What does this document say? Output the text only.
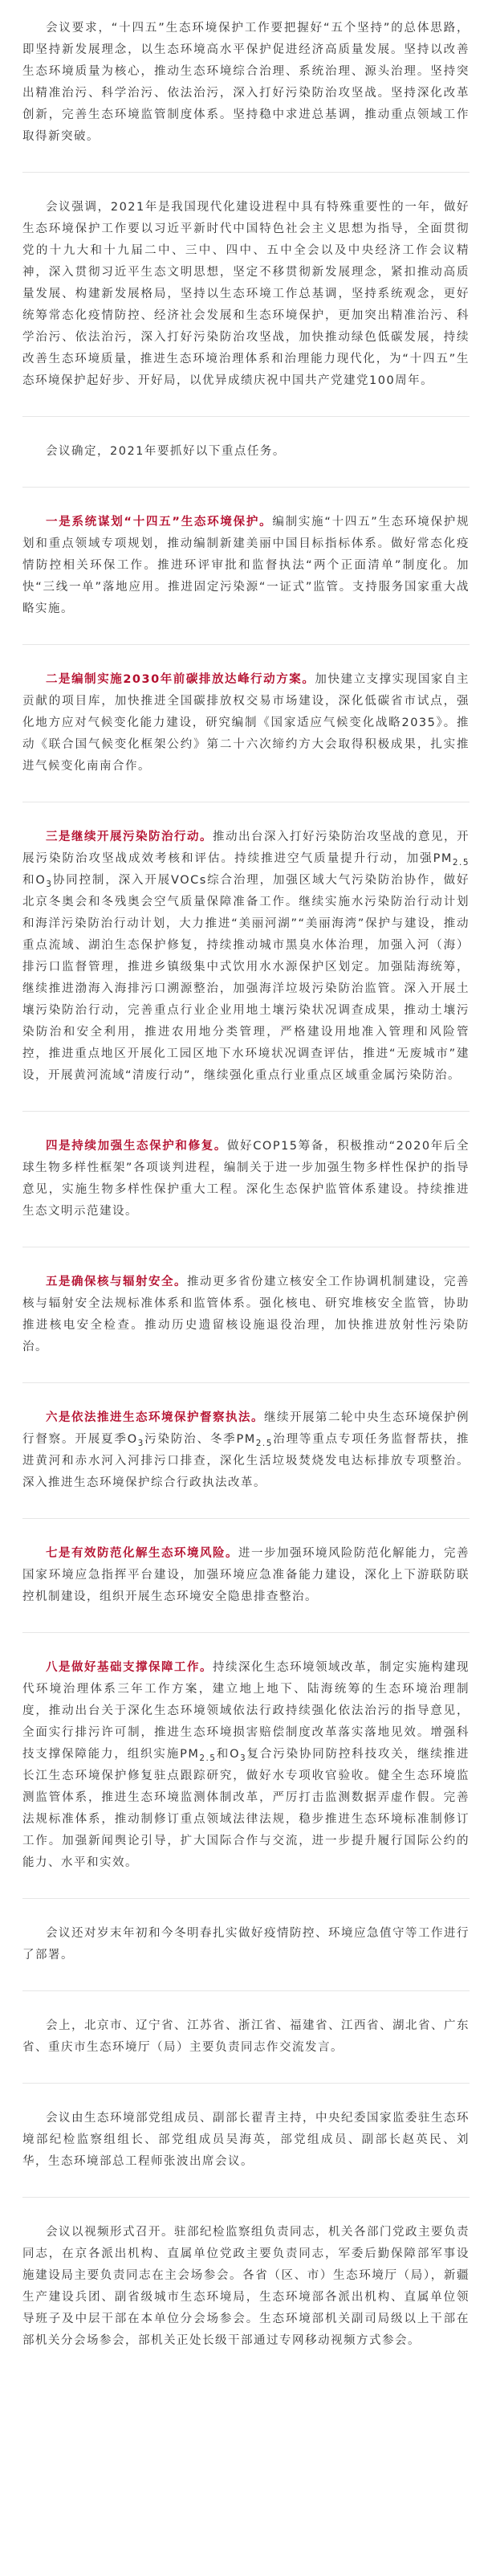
会议要求，“十四五”生态环境保护工作要把握好“五个坚持”的总体思路，即坚持新发展理念，以生态环境高水平保护促进经济高质量发展。坚持以改善生态环境质量为核心，推动生态环境综合治理、系统治理、源头治理。坚持突出精准治污、科学治污、依法治污，深入打好污染防治攻坚战。坚持深化改革创新，完善生态环境监管制度体系。坚持稳中求进总基调，推动重点领域工作取得新突破。

会议强调，2021年是我国现代化建设进程中具有特殊重要性的一年，做好生态环境保护工作要以习近平新时代中国特色社会主义思想为指导，全面贯彻党的十九大和十九届二中、三中、四中、五中全会以及中央经济工作会议精神，深入贯彻习近平生态文明思想，坚定不移贯彻新发展理念，紧扣推动高质量发展、构建新发展格局，坚持以生态环境工作总基调，坚持系统观念，更好统筹常态化疫情防控、经济社会发展和生态环境保护，更加突出精准治污、科学治污、依法治污，深入打好污染防治攻坚战，加快推动绿色低碳发展，持续改善生态环境质量，推进生态环境治理体系和治理能力现代化，为“十四五”生态环境保护起好步、开好局，以优异成绩庆祝中国共产党建党100周年。

会议确定，2021年要抓好以下重点任务。

一是系统谋划“十四五”生态环境保护。编制实施“十四五”生态环境保护规划和重点领域专项规划，推动编制新建美丽中国目标指标体系。做好常态化疫情防控相关环保工作。推进环评审批和监督执法“两个正面清单”制度化。加快“三线一单”落地应用。推进固定污染源“一证式”监管。支持服务国家重大战略实施。

二是编制实施2030年前碳排放达峰行动方案。加快建立支撑实现国家自主贡献的项目库，加快推进全国碳排放权交易市场建设，深化低碳省市试点，强化地方应对气候变化能力建设，研究编制《国家适应气候变化战略2035》。推动《联合国气候变化框架公约》第二十六次缔约方大会取得积极成果，扎实推进气候变化南南合作。

三是继续开展污染防治行动。推动出台深入打好污染防治攻坚战的意见，开展污染防治攻坚战成效考核和评估。持续推进空气质量提升行动，加强$PM_{2.5}$和$O_3$协同控制，深入开展VOCs综合治理，加强区域大气污染防治协作，做好北京冬奥会和冬残奥会空气质量保障准备工作。继续实施水污染防治行动计划和海洋污染防治行动计划，大力推进“美丽河湖”“美丽海湾”保护与建设，推动重点流域、湖泊生态保护修复，持续推动城市黑臭水体治理，加强入河（海）排污口监督管理，推进乡镇级集中式饮用水水源保护区划定。加强陆海统筹，继续推进渤海入海排污口溯源整治，加强海洋垃圾污染防治监管。深入开展土壤污染防治行动，完善重点行业企业用地土壤污染状况调查成果，推动土壤污染防治和安全利用，推进农用地分类管理，严格建设用地准入管理和风险管控，推进重点地区开展化工园区地下水环境状况调查评估，推进“无废城市”建设，开展黄河流域“清废行动”，继续强化重点行业重点区域重金属污染防治。

四是持续加强生态保护和修复。做好COP15筹备，积极推动“2020年后全球生物多样性框架”各项谈判进程，编制关于进一步加强生物多样性保护的指导意见，实施生物多样性保护重大工程。深化生态保护监管体系建设。持续推进生态文明示范建设。

五是确保核与辐射安全。推动更多省份建立核安全工作协调机制建设，完善核与辐射安全法规标准体系和监管体系。强化核电、研究堆核安全监管，协助推进核电安全检查。推动历史遗留核设施退役治理，加快推进放射性污染防治。

六是依法推进生态环境保护督察执法。继续开展第二轮中央生态环境保护例行督察。开展夏季$O_3$污染防治、冬季$PM_{2.5}$治理等重点专项任务监督帮扶，推进黄河和赤水河入河排污口排查，深化生活垃圾焚烧发电达标排放专项整治。深入推进生态环境保护综合行政执法改革。

七是有效防范化解生态环境风险。进一步加强环境风险防范化解能力，完善国家环境应急指挥平台建设，加强环境应急准备能力建设，深化上下游联防联控机制建设，组织开展生态环境安全隐患排查整治。

八是做好基础支撑保障工作。持续深化生态环境领域改革，制定实施构建现代环境治理体系三年工作方案，建立地上地下、陆海统筹的生态环境治理制度，推动出台关于深化生态环境领域依法行政持续强化依法治污的指导意见，全面实行排污许可制，推进生态环境损害赔偿制度改革落实落地见效。增强科技支撑保障能力，组织实施$PM_{2.5}$和$O_3$复合污染协同防控科技攻关，继续推进长江生态环境保护修复驻点跟踪研究，做好水专项收官验收。健全生态环境监测监管体系，推进生态环境监测体制改革，严厉打击监测数据弄虚作假。完善法规标准体系，推动制修订重点领域法律法规，稳步推进生态环境标准制修订工作。加强新闻舆论引导，扩大国际合作与交流，进一步提升履行国际公约的能力、水平和实效。

会议还对岁末年初和今冬明春扎实做好疫情防控、环境应急值守等工作进行了部署。

会上，北京市、辽宁省、江苏省、浙江省、福建省、江西省、湖北省、广东省、重庆市生态环境厅（局）主要负责同志作交流发言。

会议由生态环境部党组成员、副部长翟青主持，中央纪委国家监委驻生态环境部纪检监察组组长、部党组成员吴海英，部党组成员、副部长赵英民、刘华，生态环境部总工程师张波出席会议。

会议以视频形式召开。驻部纪检监察组负责同志，机关各部门党政主要负责同志，在京各派出机构、直属单位党政主要负责同志，军委后勤保障部军事设施建设局主要负责同志在主会场参会。各省（区、市）生态环境厅（局），新疆生产建设兵团、副省级城市生态环境局，生态环境部各派出机构、直属单位领导班子及中层干部在本单位分会场参会。生态环境部机关副司局级以上干部在部机关分会场参会，部机关正处长级干部通过专网移动视频方式参会。
